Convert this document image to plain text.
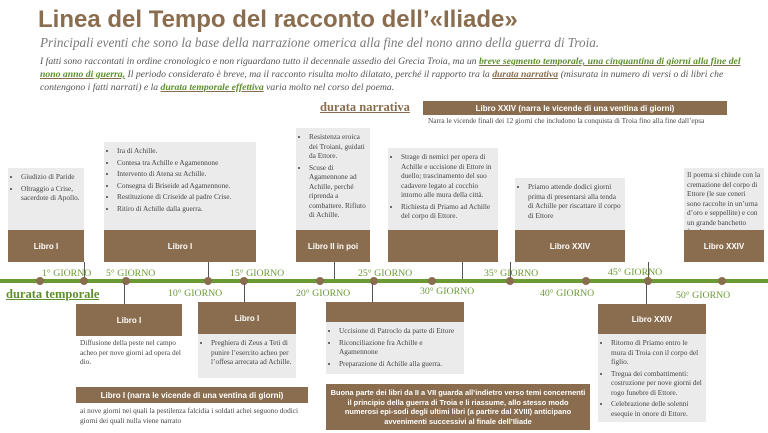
Linea del Tempo del racconto dell’«Iliade»
Principali eventi che sono la base della narrazione omerica alla fine del nono anno della guerra di Troia.
I fatti sono raccontati in ordine cronologico e non riguardano tutto il decennale assedio dei Grecia Troia, ma un breve segmento temporale, una cinquantina di giorni alla fine del nono anno di guerra, Il periodo considerato è breve, ma il racconto risulta molto dilatato, perché il rapporto tra la durata narrativa (misurata in numero di versi o di libri che contengono i fatti narrati) e la durata temporale effettiva varia molto nel corso del poema.
durata narrativa	Libro XXIV (narra le vicende di una ventina di giorni)
Narra le vicende finali dei 12 giorni che includono la conquista di Troia fino alla fine dall’epsa
• Giudizio di Paride
• Oltraggio a Crise, sacerdote di Apollo.
Libro I
• Ira di Achille.
• Contesa tra Achille e Agamennone
• Intervento di Atena su Achille.
• Consegna di Briseide ad Agamennone.
• Restituzione di Criseide al padre Crise.
• Ritiro di Achille dalla guerra.
Libro I
• Resistenza eroica dei Troiani, guidati da Ettore.
• Scuse di Agamennone ad Achille, perché riprenda a combattere. Rifiuto di Achille.
Libro II in poi
• Strage di nemici per opera di Achille e uccisione di Ettore in duello; trascinamento del suo cadavere legato al cocchio intorno alle mura della città.
• Richiesta di Priamo ad Achille del corpo di Ettore.
• Priamo attende dodici giorni prima di presentarsi alla tenda di Achille per riscattare il corpo di Ettore
Libro XXIV

Il poema si chiude con la cremazione del corpo di Ettore (le sue ceneri sono raccolte in un’urna d’oro e seppellite) e con un grande banchetto

Libro XXIV
1° GIORNO 5° GIORNO
10° GIORNO
15° GIORNO
20° GIORNO
25° GIORNO
30° GIORNO
35° GIORNO
40° GIORNO
45° GIORNO
50° GIORNO
durata temporale
Libro I
Diffusione della peste nel campo acheo per nove giorni ad opera del dio.
Libro I
• Preghiera di Zeus a Teti di punire l’esercito acheo per l’offesa arrecata ad Achille.
• Uccisione di Patroclo da parte di Ettore
• Riconciliazione fra Achille e Agamennone
• Preparazione di Achille alla guerra.
Libro XXIV
• Ritorno di Priamo entro le mura di Troia con il corpo del figlio.
• Tregua dei combattimenti: costruzione per nove giorni del rogo funebre di Ettore.
• Celebrazione delle solenni esequie in onore di Ettore.
Libro I (narra le vicende di una ventina di giorni)
ai nove giorni nei quali la pestilenza falcidia i soldati achei seguono dodici giorni dei quali nulla viene narrato
Buona parte dei libri da II a VII guarda all’indietro verso temi concernenti il principio della guerra di Troia e li riassume, allo stesso modo numerosi epi-sodi degli ultimi libri (a partire dal XVIII) anticipano avvenimenti successivi al finale dell’Iliade
